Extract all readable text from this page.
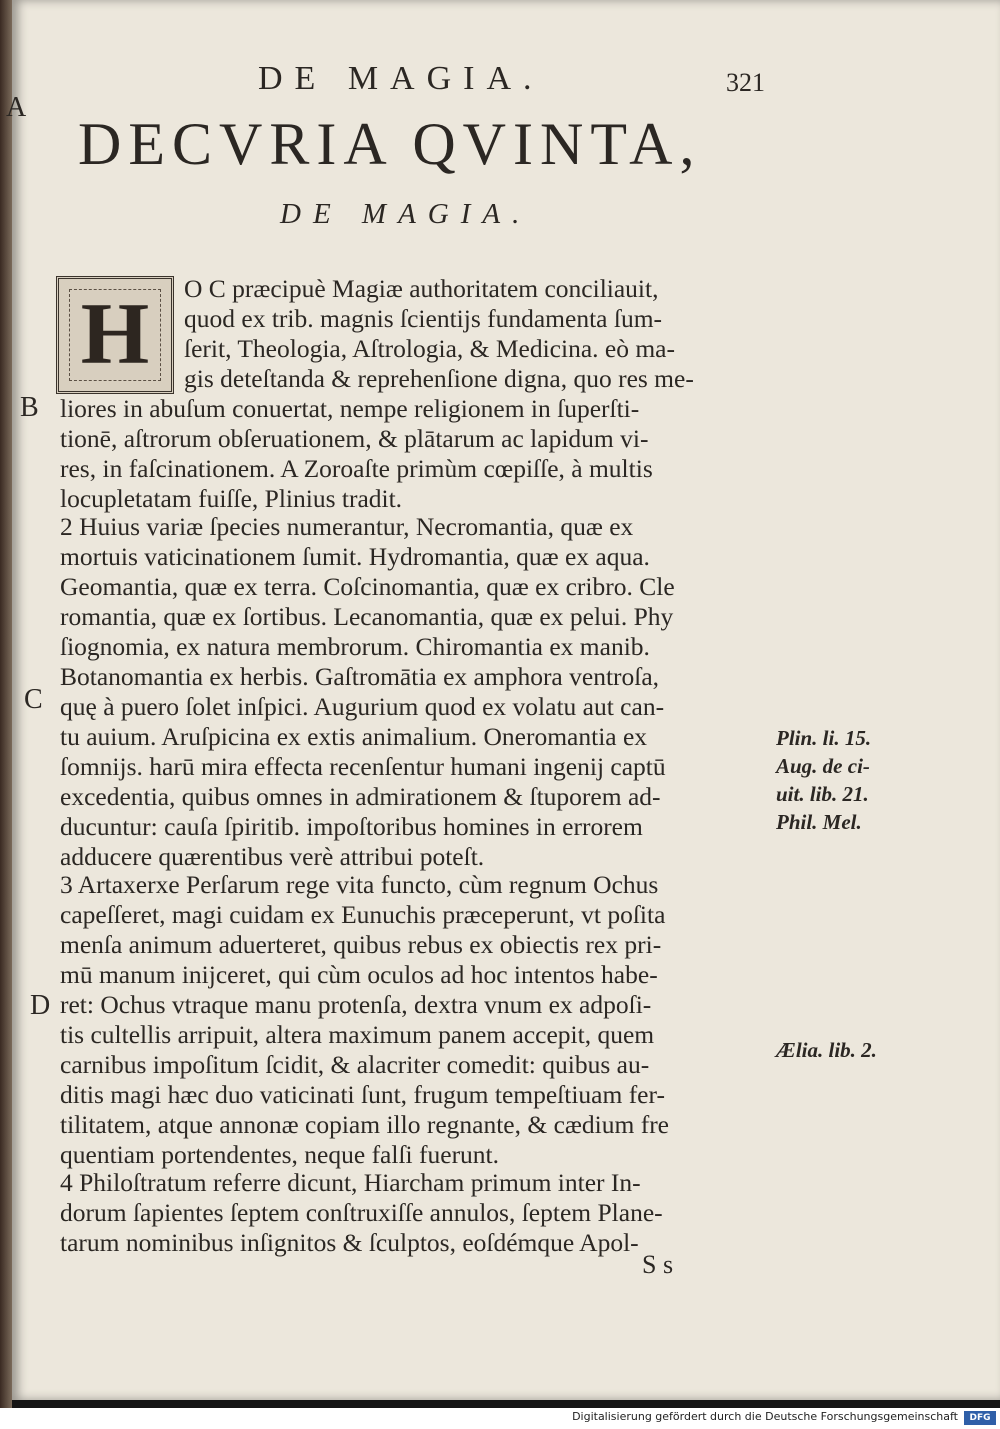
DE MAGIA.	321
A
B
C
D
DECVRIA QVINTA,
DE MAGIA.
H	O C præcipuè Magiæ authoritatem conciliauit,
quod ex trib. magnis ſcientijs fundamenta ſum-
ſerit, Theologia, Aſtrologia, & Medicina. eò ma-
gis deteſtanda & reprehenſione digna, quo res me-
liores in abuſum conuertat, nempe religionem in ſuperſti-
tionē, aſtrorum obſeruationem, & plātarum ac lapidum vi-
res, in faſcinationem. A Zoroaſte primùm cœpiſſe, à multis
locupletatam fuiſſe, Plinius tradit.
2 Huius variæ ſpecies numerantur, Necromantia, quæ ex
mortuis vaticinationem ſumit. Hydromantia, quæ ex aqua.
Geomantia, quæ ex terra. Coſcinomantia, quæ ex cribro. Cle
romantia, quæ ex ſortibus. Lecanomantia, quæ ex pelui. Phy
ſiognomia, ex natura membrorum. Chiromantia ex manib.
Botanomantia ex herbis. Gaſtromātia ex amphora ventroſa,
quę à puero ſolet inſpici. Augurium quod ex volatu aut can-
tu auium. Aruſpicina ex extis animalium. Oneromantia ex
ſomnijs. harū mira effecta recenſentur humani ingenij captū
excedentia, quibus omnes in admirationem & ſtuporem ad-
ducuntur: cauſa ſpiritib. impoſtoribus homines in errorem
adducere quærentibus verè attribui poteſt.
3 Artaxerxe Perſarum rege vita functo, cùm regnum Ochus
capeſſeret, magi cuidam ex Eunuchis præceperunt, vt poſita
menſa animum aduerteret, quibus rebus ex obiectis rex pri-
mū manum inijceret, qui cùm oculos ad hoc intentos habe-
ret: Ochus vtraque manu protenſa, dextra vnum ex adpoſi-
tis cultellis arripuit, altera maximum panem accepit, quem
carnibus impoſitum ſcidit, & alacriter comedit: quibus au-
ditis magi hæc duo vaticinati ſunt, frugum tempeſtiuam fer-
tilitatem, atque annonæ copiam illo regnante, & cædium fre
quentiam portendentes, neque falſi fuerunt.
4 Philoſtratum referre dicunt, Hiarcham primum inter In-
dorum ſapientes ſeptem conſtruxiſſe annulos, ſeptem Plane-
tarum nominibus inſignitos & ſculptos, eoſdémque Apol-
Plin. li. 15.
Aug. de ci-
uit. lib. 21.
Phil. Mel.
Ælia. lib. 2.
S s
Digitalisierung gefördert durch die Deutsche Forschungsgemeinschaft	DFG
